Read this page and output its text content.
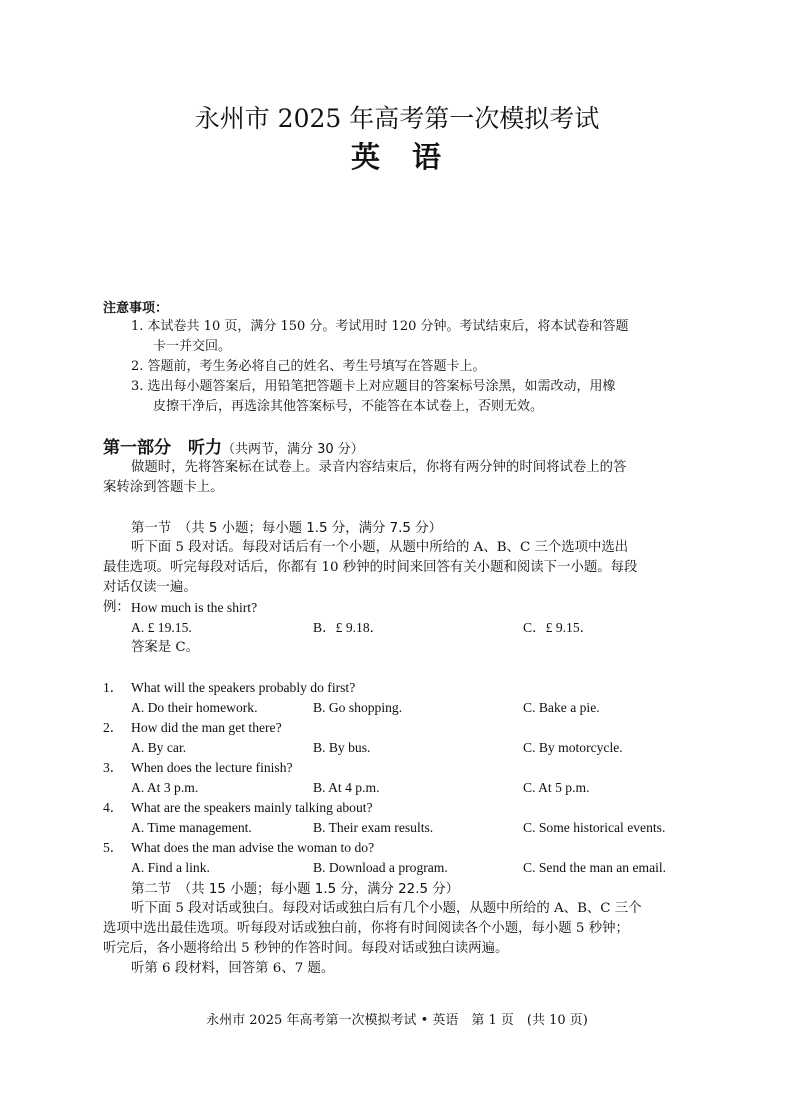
永州市 2025 年高考第一次模拟考试
英 语
注意事项：
1. 本试卷共 10 页，满分 150 分。考试用时 120 分钟。考试结束后，将本试卷和答题
卡一并交回。
2. 答题前，考生务必将自己的姓名、考生号填写在答题卡上。
3. 选出每小题答案后，用铅笔把答题卡上对应题目的答案标号涂黑，如需改动，用橡
皮擦干净后，再选涂其他答案标号，不能答在本试卷上，否则无效。
第一部分　听力（共两节，满分 30 分）
做题时，先将答案标在试卷上。录音内容结束后，你将有两分钟的时间将试卷上的答
案转涂到答题卡上。
第一节　（共 5 小题；每小题 1.5 分，满分 7.5 分）
听下面 5 段对话。每段对话后有一个小题，从题中所给的 A、B、C 三个选项中选出
最佳选项。听完每段对话后，你都有 10 秒钟的时间来回答有关小题和阅读下一小题。每段
对话仅读一遍。
例： How much is the shirt?
A. £ 19.15.	B．£ 9.18．	C．£ 9.15．
答案是 C。
1． What will the speakers probably do first?
A. Do their homework.	B. Go shopping.	C. Bake a pie.
2． How did the man get there?
A. By car.	B. By bus.	C. By motorcycle.
3． When does the lecture finish?
A. At 3 p.m.	B. At 4 p.m.	C. At 5 p.m.
4． What are the speakers mainly talking about?
A. Time management.	B. Their exam results.	C. Some historical events.
5． What does the man advise the woman to do?
A. Find a link.	B. Download a program.	C. Send the man an email.
第二节　（共 15 小题；每小题 1.5 分，满分 22.5 分）
听下面 5 段对话或独白。每段对话或独白后有几个小题，从题中所给的 A、B、C 三个
选项中选出最佳选项。听每段对话或独白前，你将有时间阅读各个小题，每小题 5 秒钟；
听完后，各小题将给出 5 秒钟的作答时间。每段对话或独白读两遍。
听第 6 段材料，回答第 6、7 题。
永州市 2025 年高考第一次模拟考试 • 英语　第 1 页　(共 10 页)
